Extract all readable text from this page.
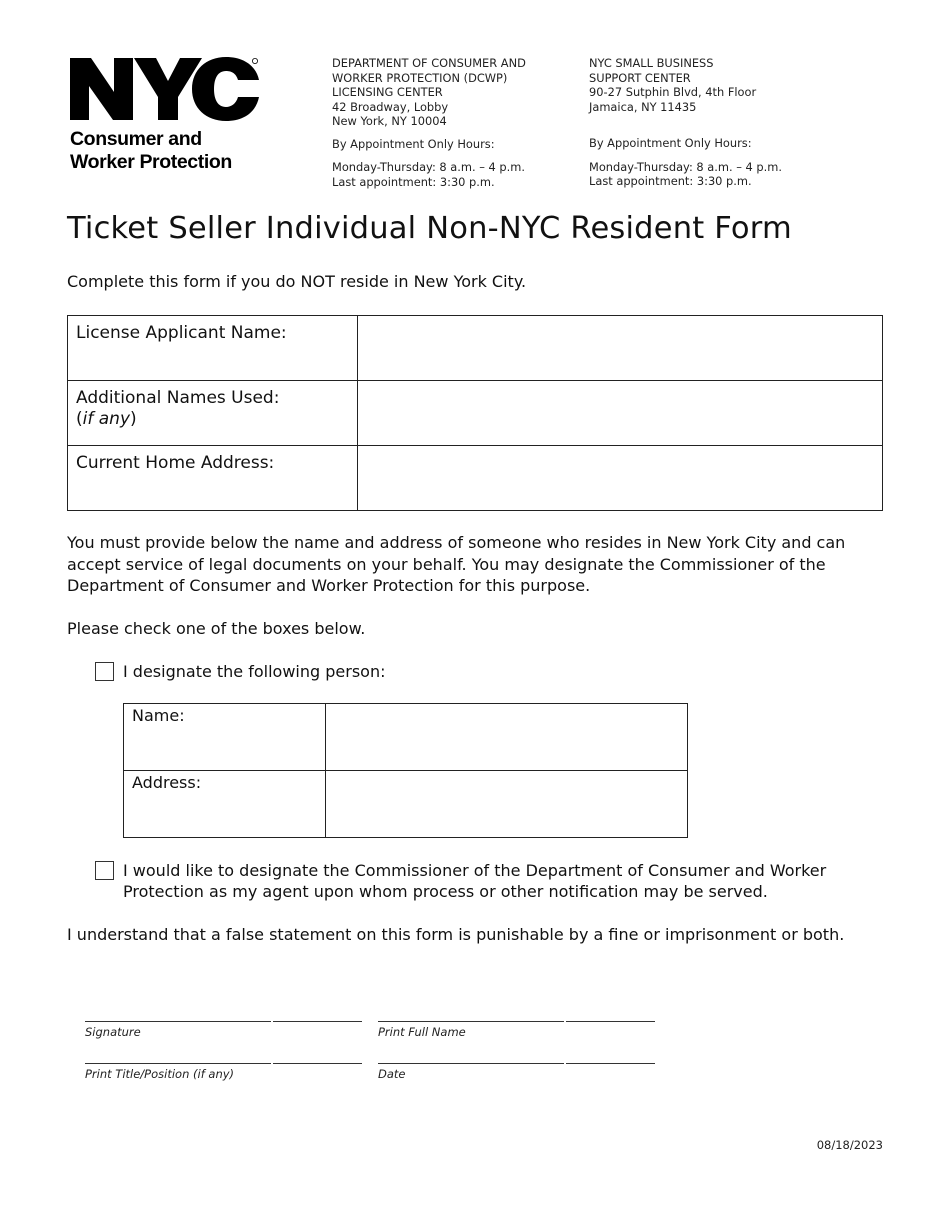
Consumer and
Worker Protection
DEPARTMENT OF CONSUMER AND
WORKER PROTECTION (DCWP)
LICENSING CENTER
42 Broadway, Lobby
New York, NY 10004
By Appointment Only Hours:
Monday-Thursday: 8 a.m. – 4 p.m.
Last appointment: 3:30 p.m.
NYC SMALL BUSINESS
SUPPORT CENTER
90-27 Sutphin Blvd, 4th Floor
Jamaica, NY 11435
By Appointment Only Hours:
Monday-Thursday: 8 a.m. – 4 p.m.
Last appointment: 3:30 p.m.
Ticket Seller Individual Non-NYC Resident Form

Complete this form if you do NOT reside in New York City.

License Applicant Name:	
Additional Names Used:
(if any)	

Current Home Address:	

You must provide below the name and address of someone who resides in New York City and can accept service of legal documents on your behalf. You may designate the Commissioner of the Department of Consumer and Worker Protection for this purpose.

Please check one of the boxes below.

I designate the following person:
Name:	
Address:	
I would like to designate the Commissioner of the Department of Consumer and Worker Protection as my agent upon whom process or other notification may be served.

I understand that a false statement on this form is punishable by a fine or imprisonment or both.

Signature	Print Full Name
Print Title/Position (if any)	Date
08/18/2023
